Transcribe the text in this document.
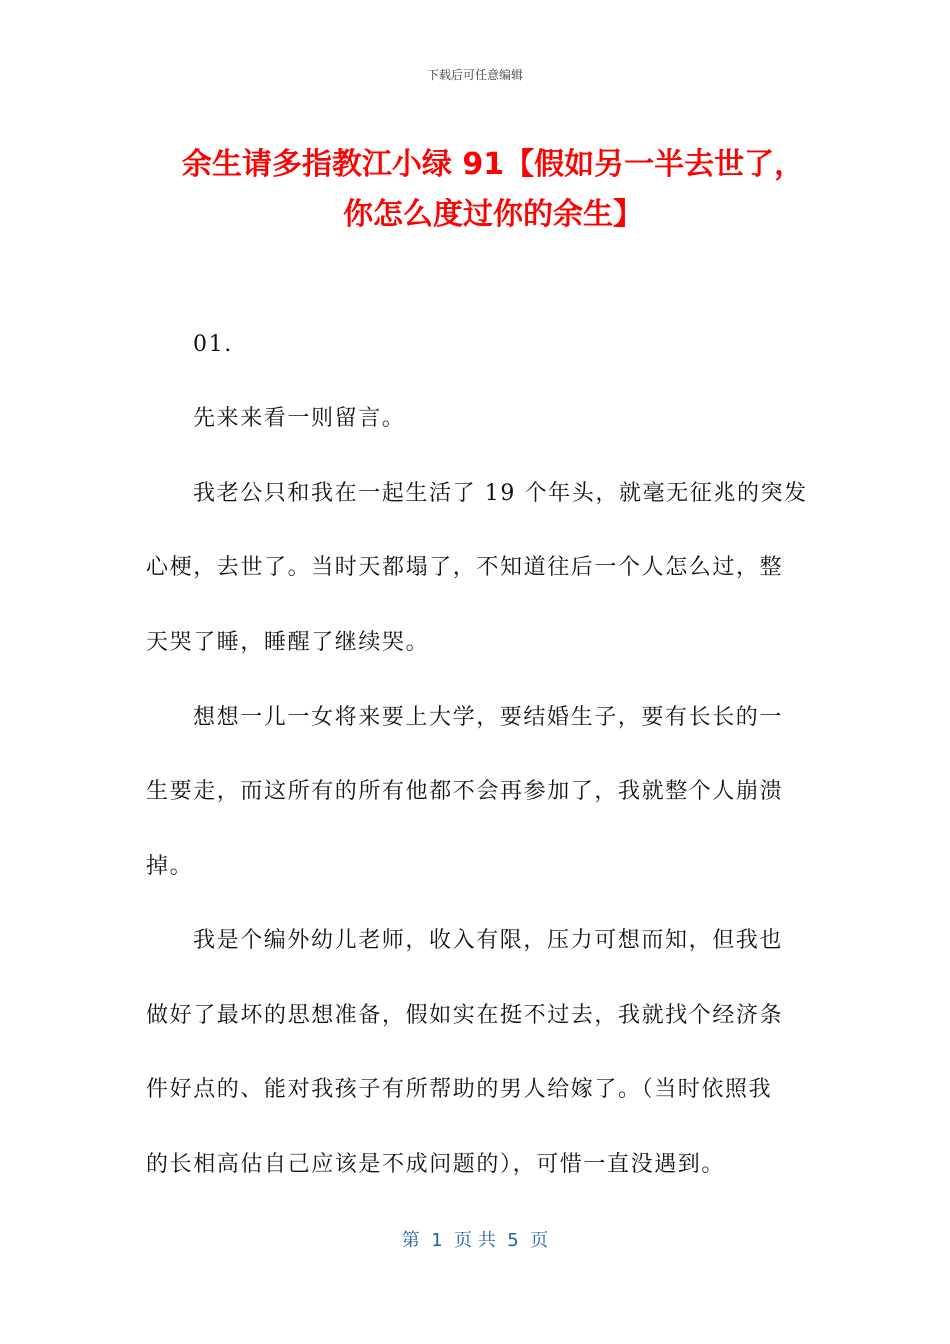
下载后可任意编辑
余生请多指教江小绿 91【假如另一半去世了，
你怎么度过你的余生】
01.
先来来看一则留言。
我老公只和我在一起生活了 19 个年头，就毫无征兆的突发
心梗，去世了。当时天都塌了，不知道往后一个人怎么过，整
天哭了睡，睡醒了继续哭。
想想一儿一女将来要上大学，要结婚生子，要有长长的一
生要走，而这所有的所有他都不会再参加了，我就整个人崩溃
掉。
我是个编外幼儿老师，收入有限，压力可想而知，但我也
做好了最坏的思想准备，假如实在挺不过去，我就找个经济条
件好点的、能对我孩子有所帮助的男人给嫁了。（当时依照我
的长相高估自己应该是不成问题的），可惜一直没遇到。
第  1  页 共  5  页
